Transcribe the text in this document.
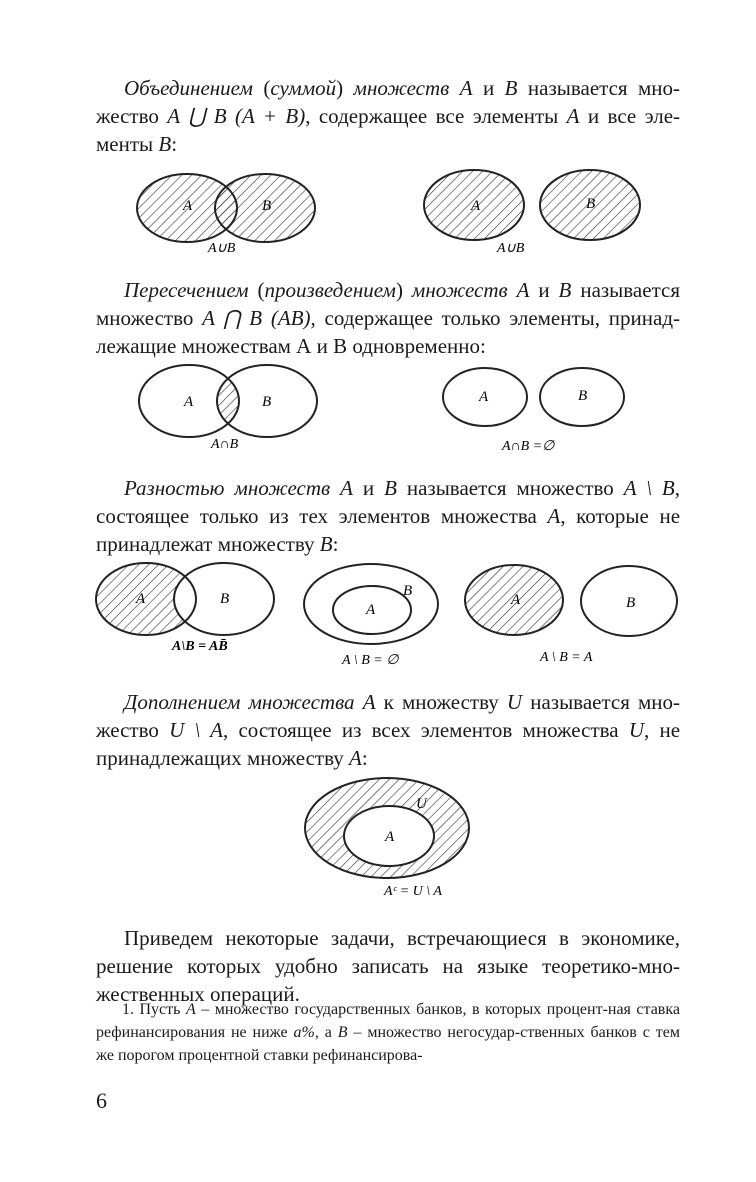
Объединением (суммой) множеств A и B называется мно-жество A ⋃ B (A + B), содержащее все элементы A и все эле-менты B:
Пересечением (произведением) множеств A и B называется множество A ⋂ B (AB), содержащее только элементы, принад-лежащие множествам А и В одновременно:
Разностью множеств A и B называется множество A \ B, состоящее только из тех элементов множества A, которые не принадлежат множеству B:
Дополнением множества A к множеству U называется мно-жество U \ A, состоящее из всех элементов множества U, не принадлежащих множеству A:
Приведем некоторые задачи, встречающиеся в экономике, решение которых удобно записать на языке теоретико-мно-жественных операций.
1. Пусть A – множество государственных банков, в которых процент-ная ставка рефинансирования не ниже a%, а B – множество негосудар-ственных банков с тем же порогом процентной ставки рефинансирова-
6
A	B
A∪B
A	B
A∪B
A	B
A∩B
A	B
A∩B =∅
A	B
A\B = AB̄
A
B
A \ B = ∅
A	B
A \ B = A
A
U
Aᶜ = U \ A
